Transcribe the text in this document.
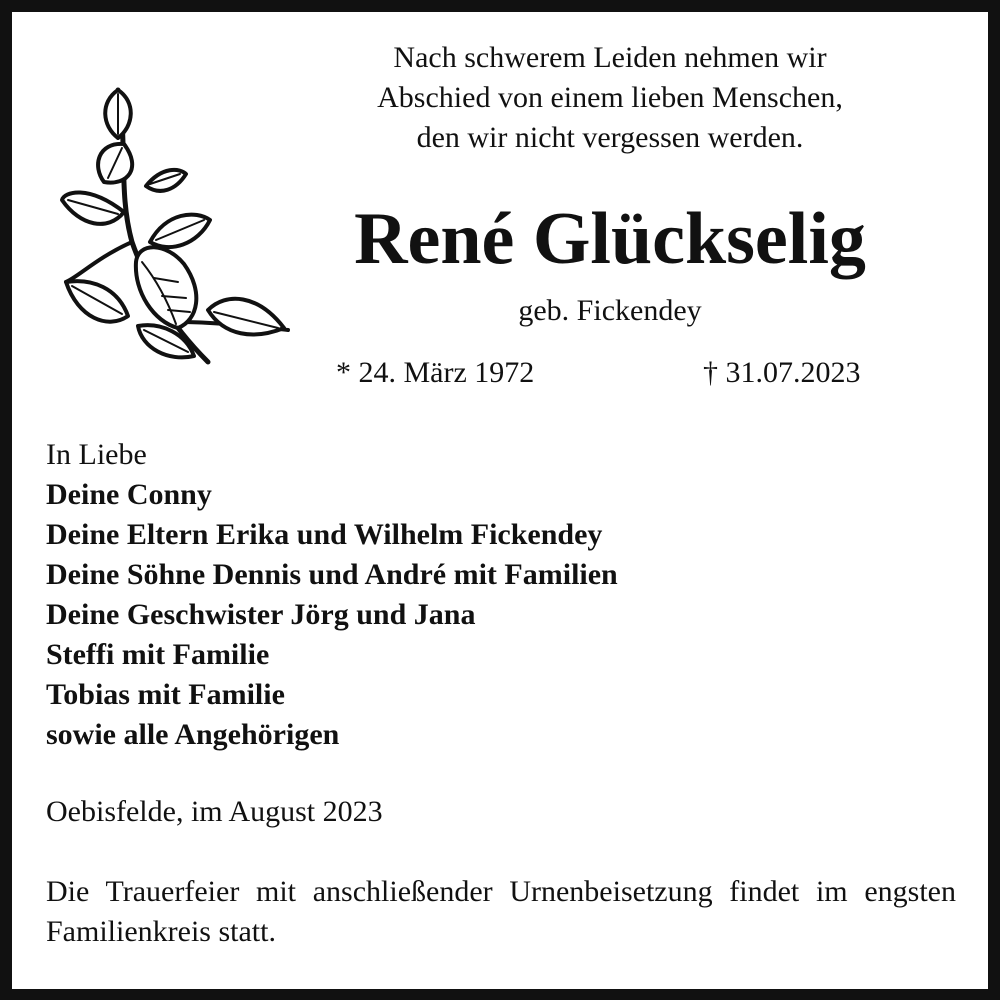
Nach schwerem Leiden nehmen wir
Abschied von einem lieben Menschen,
den wir nicht vergessen werden.
René Glückselig
geb. Fickendey
* 24. März 1972	† 31.07.2023
In Liebe
Deine Conny
Deine Eltern Erika und Wilhelm Fickendey
Deine Söhne Dennis und André mit Familien
Deine Geschwister Jörg und Jana
Steffi mit Familie
Tobias mit Familie
sowie alle Angehörigen
Oebisfelde, im August 2023
Die Trauerfeier mit anschließender Urnenbeisetzung findet im engsten Familienkreis statt.
